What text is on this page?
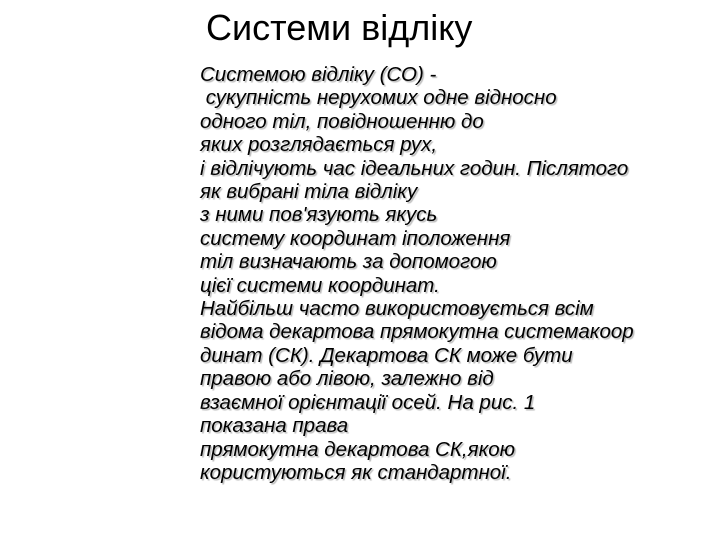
Системи відліку
Системою відліку (СО) -
сукупність нерухомих одне відносно
одного тіл, повідношенню до
яких розглядається рух,
і відлічують час ідеальних годин. Післятого
як вибрані тіла відліку
з ними пов'язують якусь
систему координат іположення
тіл визначають за допомогою
цієї системи координат.
Найбільш часто використовується всім
відома декартова прямокутна системакоор
динат (СК). Декартова СК може бути
правою або лівою, залежно від
взаємної орієнтації осей. На рис. 1
показана права
прямокутна декартова СК,якою
користуються як стандартної.
